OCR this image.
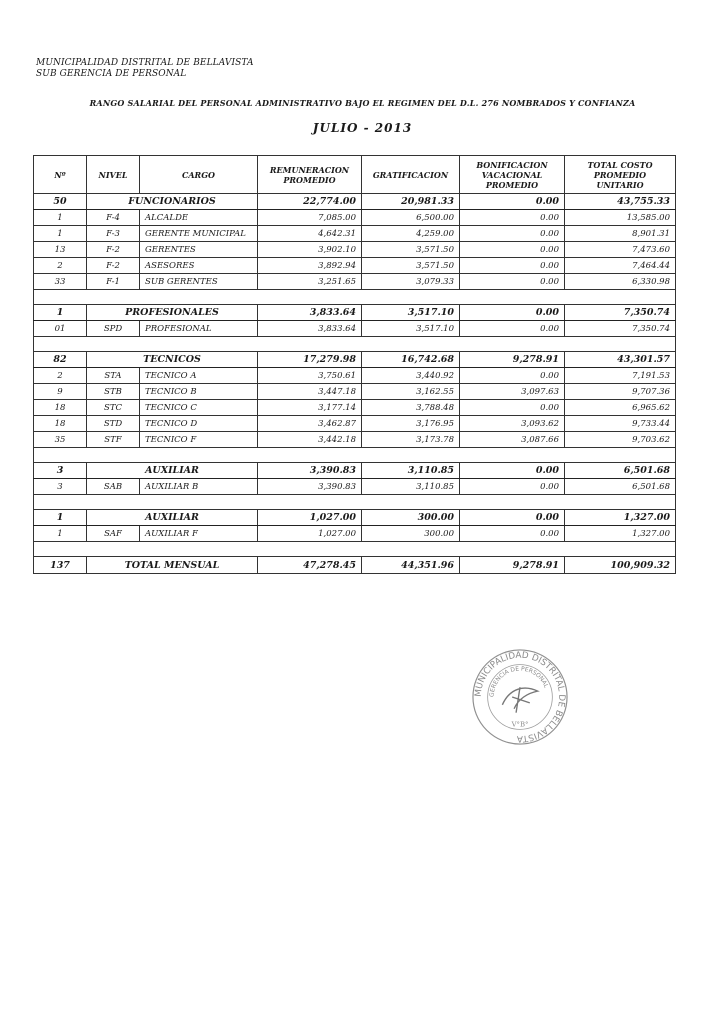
MUNICIPALIDAD DISTRITAL DE BELLAVISTA
SUB GERENCIA DE PERSONAL
RANGO SALARIAL DEL PERSONAL ADMINISTRATIVO BAJO EL REGIMEN DEL D.L. 276 NOMBRADOS Y CONFIANZA
JULIO - 2013
Nº	NIVEL	CARGO	REMUNERACION PROMEDIO	GRATIFICACION	BONIFICACION VACACIONAL PROMEDIO	TOTAL COSTO PROMEDIO UNITARIO
50	FUNCIONARIOS		22,774.00	20,981.33	0.00	43,755.33
1	F-4	ALCALDE	7,085.00	6,500.00	0.00	13,585.00
1	F-3	GERENTE MUNICIPAL	4,642.31	4,259.00	0.00	8,901.31
13	F-2	GERENTES	3,902.10	3,571.50	0.00	7,473.60
2	F-2	ASESORES	3,892.94	3,571.50	0.00	7,464.44
33	F-1	SUB GERENTES	3,251.65	3,079.33	0.00	6,330.98

1	PROFESIONALES		3,833.64	3,517.10	0.00	7,350.74
01	SPD	PROFESIONAL	3,833.64	3,517.10	0.00	7,350.74

82	TECNICOS		17,279.98	16,742.68	9,278.91	43,301.57
2	STA	TECNICO A	3,750.61	3,440.92	0.00	7,191.53
9	STB	TECNICO B	3,447.18	3,162.55	3,097.63	9,707.36
18	STC	TECNICO C	3,177.14	3,788.48	0.00	6,965.62
18	STD	TECNICO D	3,462.87	3,176.95	3,093.62	9,733.44
35	STF	TECNICO F	3,442.18	3,173.78	3,087.66	9,703.62

3	AUXILIAR		3,390.83	3,110.85	0.00	6,501.68
3	SAB	AUXILIAR B	3,390.83	3,110.85	0.00	6,501.68

1	AUXILIAR		1,027.00	300.00	0.00	1,327.00
1	SAF	AUXILIAR F	1,027.00	300.00	0.00	1,327.00

137	TOTAL MENSUAL		47,278.45	44,351.96	9,278.91	100,909.32
MUNICIPALIDAD DISTRITAL DE BELLAVISTA
GERENCIA DE PERSONAL
V°B°
